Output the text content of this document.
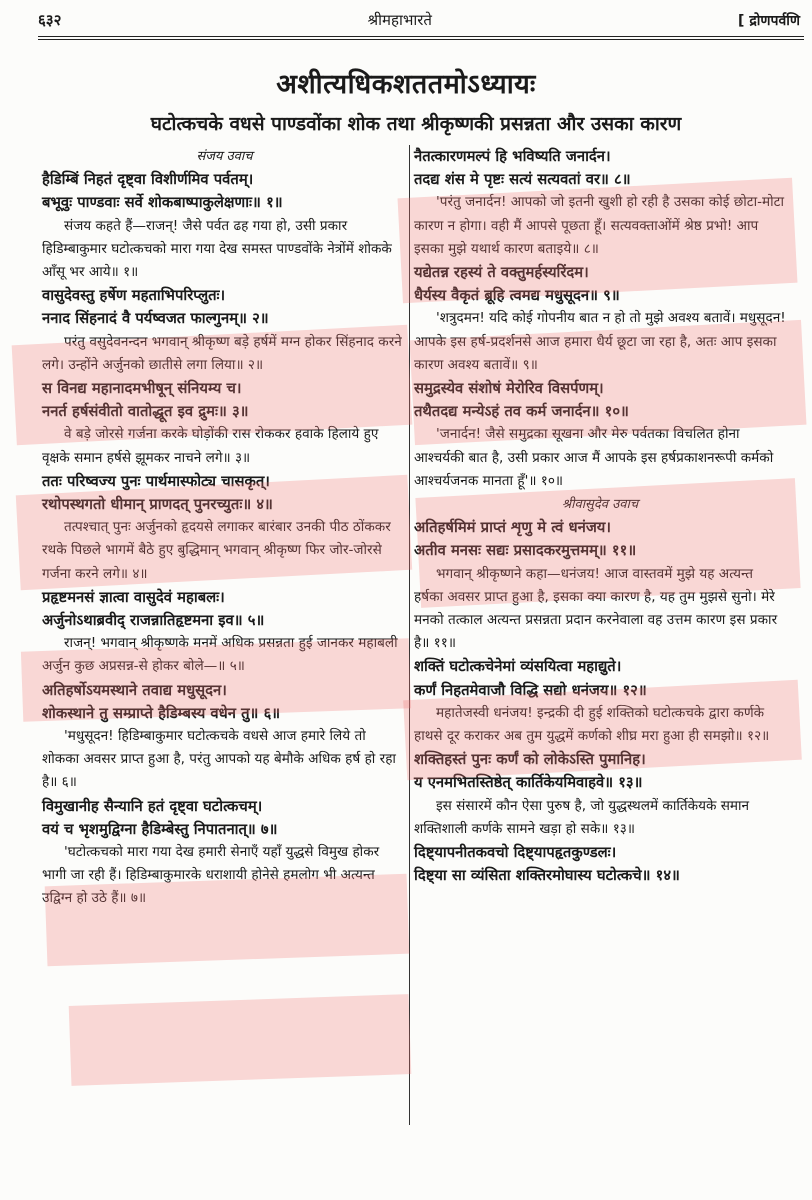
६३२	श्रीमहाभारते	[ द्रोणपर्वणि
अशीत्यधिकशततमोऽध्यायः
घटोत्कचके वधसे पाण्डवोंका शोक तथा श्रीकृष्णकी प्रसन्नता और उसका कारण
संजय उवाच
हैडिम्बिं निहतं दृष्ट्वा विशीर्णमिव पर्वतम्।
बभूवुः पाण्डवाः सर्वे शोकबाष्पाकुलेक्षणाः॥ १॥
संजय कहते हैं—राजन्! जैसे पर्वत ढह गया हो, उसी प्रकार हिडिम्बाकुमार घटोत्कचको मारा गया देख समस्त पाण्डवोंके नेत्रोंमें शोकके आँसू भर आये॥ १॥
वासुदेवस्तु हर्षेण महताभिपरिप्लुतः।
ननाद सिंहनादं वै पर्यष्वजत फाल्गुनम्॥ २॥
परंतु वसुदेवनन्दन भगवान् श्रीकृष्ण बड़े हर्षमें मग्न होकर सिंहनाद करने लगे। उन्होंने अर्जुनको छातीसे लगा लिया॥ २॥
स विनद्य महानादमभीषून् संनियम्य च।
ननर्त हर्षसंवीतो वातोद्धूत इव द्रुमः॥ ३॥
वे बड़े जोरसे गर्जना करके घोड़ोंकी रास रोककर हवाके हिलाये हुए वृक्षके समान हर्षसे झूमकर नाचने लगे॥ ३॥
ततः परिष्वज्य पुनः पार्थमास्फोट्य चासकृत्।
रथोपस्थगतो धीमान् प्राणदत् पुनरच्युतः॥ ४॥
तत्पश्चात् पुनः अर्जुनको हृदयसे लगाकर बारंबार उनकी पीठ ठोंककर रथके पिछले भागमें बैठे हुए बुद्धिमान् भगवान् श्रीकृष्ण फिर जोर-जोरसे गर्जना करने लगे॥ ४॥
प्रहृष्टमनसं ज्ञात्वा वासुदेवं महाबलः।
अर्जुनोऽथाब्रवीद् राजन्नातिहृष्टमना इव॥ ५॥
राजन्! भगवान् श्रीकृष्णके मनमें अधिक प्रसन्नता हुई जानकर महाबली अर्जुन कुछ अप्रसन्न-से होकर बोले—॥ ५॥
अतिहर्षोऽयमस्थाने तवाद्य मधुसूदन।
शोकस्थाने तु सम्प्राप्ते हैडिम्बस्य वधेन तु॥ ६॥
'मधुसूदन! हिडिम्बाकुमार घटोत्कचके वधसे आज हमारे लिये तो शोकका अवसर प्राप्त हुआ है, परंतु आपको यह बेमौके अधिक हर्ष हो रहा है॥ ६॥
विमुखानीह सैन्यानि हतं दृष्ट्वा घटोत्कचम्।
वयं च भृशमुद्विग्ना हैडिम्बेस्तु निपातनात्॥ ७॥
'घटोत्कचको मारा गया देख हमारी सेनाएँ यहाँ युद्धसे विमुख होकर भागी जा रही हैं। हिडिम्बाकुमारके धराशायी होनेसे हमलोग भी अत्यन्त उद्विग्न हो उठे हैं॥ ७॥
नैतत्कारणमल्पं हि भविष्यति जनार्दन।
तदद्य शंस मे पृष्टः सत्यं सत्यवतां वर॥ ८॥
'परंतु जनार्दन! आपको जो इतनी खुशी हो रही है उसका कोई छोटा-मोटा कारण न होगा। वही मैं आपसे पूछता हूँ। सत्यवक्ताओंमें श्रेष्ठ प्रभो! आप इसका मुझे यथार्थ कारण बताइये॥ ८॥
यद्येतन्न रहस्यं ते वक्तुमर्हस्यरिंदम।
धैर्यस्य वैकृतं ब्रूहि त्वमद्य मधुसूदन॥ ९॥
'शत्रुदमन! यदि कोई गोपनीय बात न हो तो मुझे अवश्य बतावें। मधुसूदन! आपके इस हर्ष-प्रदर्शनसे आज हमारा धैर्य छूटा जा रहा है, अतः आप इसका कारण अवश्य बतावें॥ ९॥
समुद्रस्येव संशोषं मेरोरिव विसर्पणम्।
तथैतदद्य मन्येऽहं तव कर्म जनार्दन॥ १०॥
'जनार्दन! जैसे समुद्रका सूखना और मेरु पर्वतका विचलित होना आश्चर्यकी बात है, उसी प्रकार आज मैं आपके इस हर्षप्रकाशनरूपी कर्मको आश्चर्यजनक मानता हूँ'॥ १०॥
श्रीवासुदेव उवाच
अतिहर्षमिमं प्राप्तं शृणु मे त्वं धनंजय।
अतीव मनसः सद्यः प्रसादकरमुत्तमम्॥ ११॥
भगवान् श्रीकृष्णने कहा—धनंजय! आज वास्तवमें मुझे यह अत्यन्त हर्षका अवसर प्राप्त हुआ है, इसका क्या कारण है, यह तुम मुझसे सुनो। मेरे मनको तत्काल अत्यन्त प्रसन्नता प्रदान करनेवाला वह उत्तम कारण इस प्रकार है॥ ११॥
शक्तिं घटोत्कचेनेमां व्यंसयित्वा महाद्युते।
कर्णं निहतमेवाजौ विद्धि सद्यो धनंजय॥ १२॥
महातेजस्वी धनंजय! इन्द्रकी दी हुई शक्तिको घटोत्कचके द्वारा कर्णके हाथसे दूर कराकर अब तुम युद्धमें कर्णको शीघ्र मरा हुआ ही समझो॥ १२॥
शक्तिहस्तं पुनः कर्णं को लोकेऽस्ति पुमानिह।
य एनमभितस्तिष्ठेत् कार्तिकेयमिवाहवे॥ १३॥
इस संसारमें कौन ऐसा पुरुष है, जो युद्धस्थलमें कार्तिकेयके समान शक्तिशाली कर्णके सामने खड़ा हो सके॥ १३॥
दिष्ट्यापनीतकवचो दिष्ट्यापहृतकुण्डलः।
दिष्ट्या सा व्यंसिता शक्तिरमोघास्य घटोत्कचे॥ १४॥
